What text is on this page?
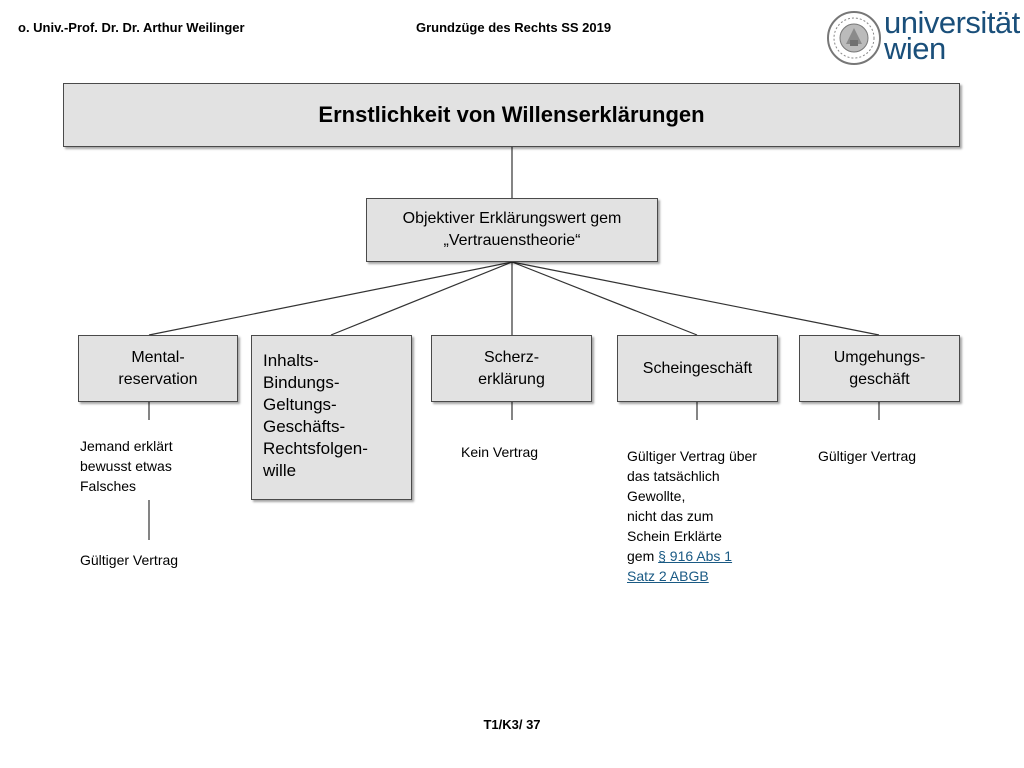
o. Univ.-Prof. Dr. Dr. Arthur Weilinger	Grundzüge des Rechts SS 2019	universität
wien
Ernstlichkeit von Willenserklärungen
Objektiver Erklärungswert gem
„Vertrauenstheorie“
Mental-
reservation
Inhalts-
Bindungs-
Geltungs-
Geschäfts-
Rechtsfolgen-
wille
Scherz-
erklärung
Scheingeschäft
Umgehungs-
geschäft
Jemand erklärt
bewusst etwas
Falsches
Gültiger Vertrag
Kein Vertrag	Gültiger Vertrag über
das tatsächlich
Gewollte,
nicht das zum
Schein Erklärte
gem § 916 Abs 1
Satz 2 ABGB
Gültiger Vertrag
T1/K3/ 37
